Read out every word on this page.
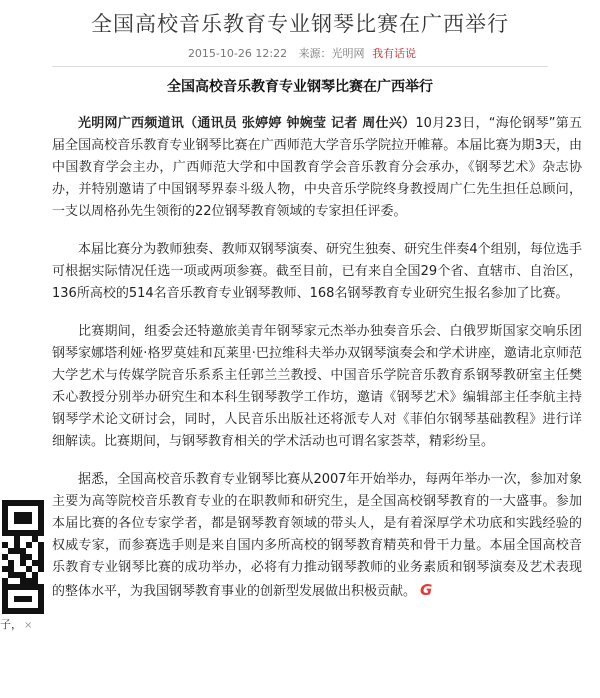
全国高校音乐教育专业钢琴比赛在广西举行
2015-10-26 12:22 来源：光明网 我有话说
全国高校音乐教育专业钢琴比赛在广西举行

光明网广西频道讯（通讯员 张婷婷 钟婉莹 记者 周仕兴）10月23日，“海伦钢琴”第五届全国高校音乐教育专业钢琴比赛在广西师范大学音乐学院拉开帷幕。本届比赛为期3天，由中国教育学会主办，广西师范大学和中国教育学会音乐教育分会承办，《钢琴艺术》杂志协办，并特别邀请了中国钢琴界泰斗级人物，中央音乐学院终身教授周广仁先生担任总顾问，一支以周格孙先生领衔的22位钢琴教育领域的专家担任评委。

本届比赛分为教师独奏、教师双钢琴演奏、研究生独奏、研究生伴奏4个组别，每位选手可根据实际情况任选一项或两项参赛。截至目前，已有来自全国29个省、直辖市、自治区，136所高校的514名音乐教育专业钢琴教师、168名钢琴教育专业研究生报名参加了比赛。

比赛期间，组委会还特邀旅美青年钢琴家元杰举办独奏音乐会、白俄罗斯国家交响乐团钢琴家娜塔利娅·格罗莫娃和瓦莱里·巴拉维科夫举办双钢琴演奏会和学术讲座，邀请北京师范大学艺术与传媒学院音乐系系主任郭兰兰教授、中国音乐学院音乐教育系钢琴教研室主任樊禾心教授分别举办研究生和本科生钢琴教学工作坊，邀请《钢琴艺术》编辑部主任李航主持钢琴学术论文研讨会，同时，人民音乐出版社还将派专人对《菲伯尔钢琴基础教程》进行详细解读。比赛期间，与钢琴教育相关的学术活动也可谓名家荟萃，精彩纷呈。

据悉，全国高校音乐教育专业钢琴比赛从2007年开始举办，每两年举办一次，参加对象主要为高等院校音乐教育专业的在职教师和研究生，是全国高校钢琴教育的一大盛事。参加本届比赛的各位专家学者，都是钢琴教育领域的带头人，是有着深厚学术功底和实践经验的权威专家，而参赛选手则是来自国内多所高校的钢琴教育精英和骨干力量。本届全国高校音乐教育专业钢琴比赛的成功举办，必将有力推动钢琴教师的业务素质和钢琴演奏及艺术表现的整体水平，为我国钢琴教育事业的创新型发展做出积极贡献。 G

子， ×
